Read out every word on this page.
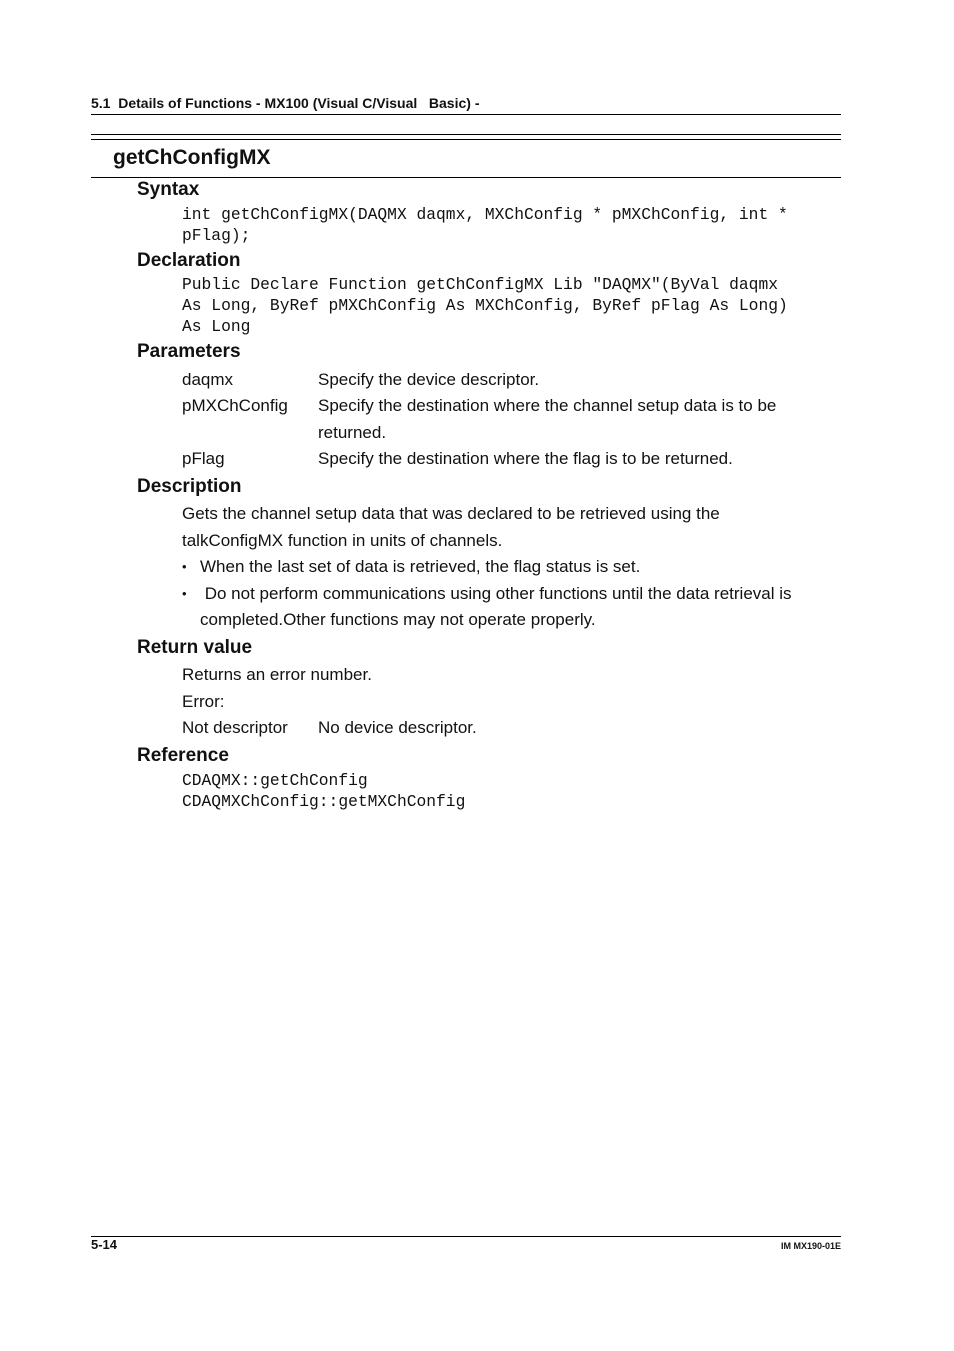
5.1  Details of Functions - MX100 (Visual C/Visual   Basic) -
getChConfigMX
Syntax
int getChConfigMX(DAQMX daqmx, MXChConfig * pMXChConfig, int *
pFlag);
Declaration
Public Declare Function getChConfigMX Lib "DAQMX"(ByVal daqmx
As Long, ByRef pMXChConfig As MXChConfig, ByRef pFlag As Long)
As Long
Parameters
daqmx	Specify the device descriptor.
pMXChConfig Specify the destination where the channel setup data is to be
returned.
pFlag	Specify the destination where the flag is to be returned.
Description
Gets the channel setup data that was declared to be retrieved using the
talkConfigMX function in units of channels.
• When the last set of data is retrieved, the flag status is set.
• Do not perform communications using other functions until the data retrieval is
completed.Other functions may not operate properly.
Return value
Returns an error number.
Error:
Not descriptor No device descriptor.
Reference
CDAQMX::getChConfig
CDAQMXChConfig::getMXChConfig
5-14	IM MX190-01E
